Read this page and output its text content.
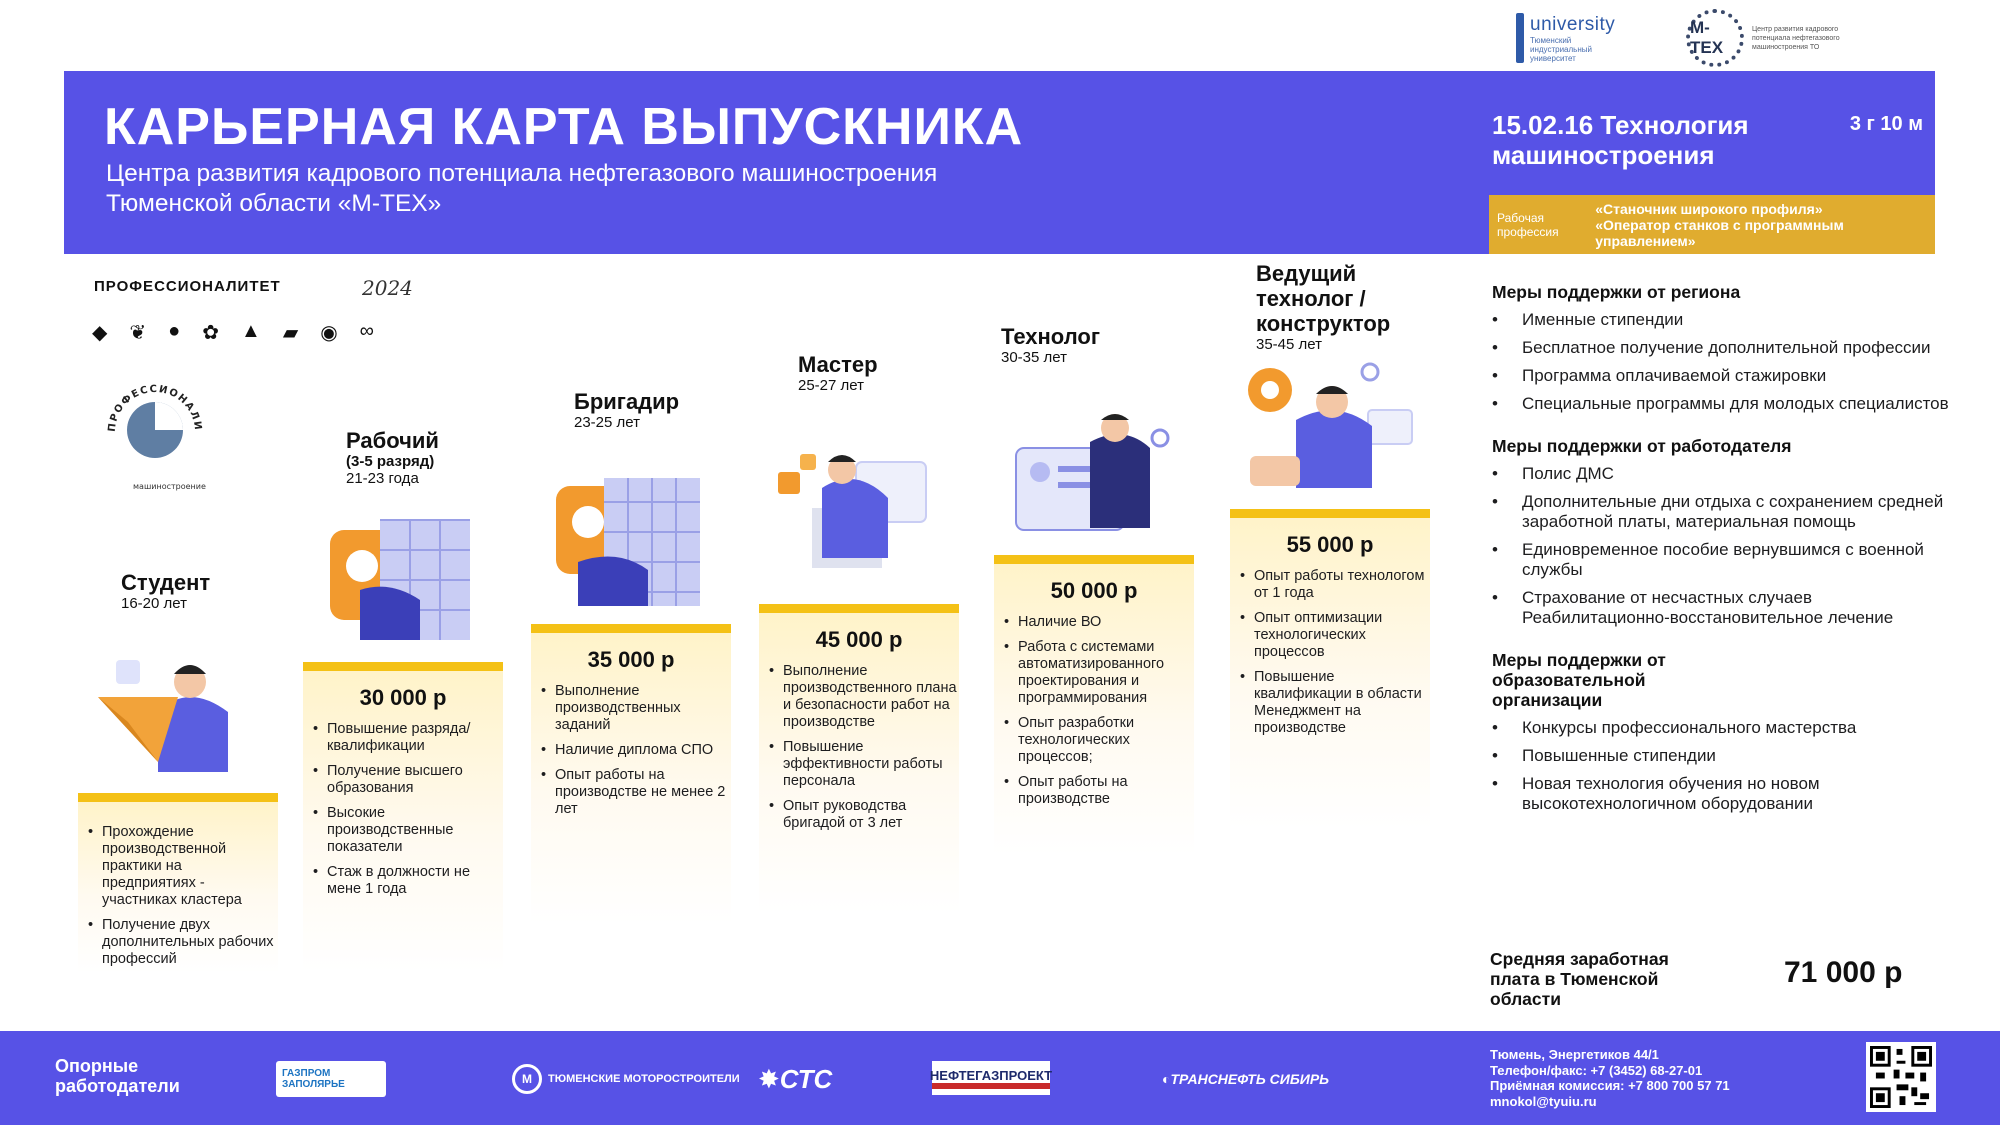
university
Тюменский индустриальный университет
М-ТЕХ
Центр развития кадрового потенциала нефтегазового машиностроения ТО
КАРЬЕРНАЯ КАРТА ВЫПУСКНИКА
Центра развития кадрового потенциала нефтегазового машиностроения
Тюменской области «М-ТЕХ»
15.02.16 Технология машиностроения
3 г 10 м
Рабочая профессия
«Станочник широкого профиля»
«Оператор станков с программным управлением»
ПРОФЕССИОНАЛИТЕТ	2024
◆ ❦ ● ✿ ▲ ▰ ◉ ∞
ПРОФЕССИОНАЛИ
машиностроение
Студент
16-20 лет
• Прохождение производственной практики на предприятиях - участниках кластера
• Получение двух дополнительных рабочих профессий
Рабочий
(3-5 разряд)
21-23 года
30 000 р
• Повышение разряда/ квалификации
• Получение высшего образования
• Высокие производственные показатели
• Стаж в должности не мене 1 года
Бригадир
23-25 лет
35 000 р
• Выполнение производственных заданий
• Наличие диплома СПО
• Опыт работы на производстве не менее 2 лет
Мастер
25-27 лет
45 000 р
• Выполнение производственного плана и безопасности работ на производстве
• Повышение эффективности работы персонала
• Опыт руководства бригадой от 3 лет
Технолог
30-35 лет
50 000 р
• Наличие ВО
• Работа с системами автоматизированного проектирования и программирования
• Опыт разработки технологических процессов;
• Опыт работы на производстве
Ведущий технолог / конструктор
35-45 лет
55 000 р
• Опыт работы технологом от 1 года
• Опыт оптимизации технологических процессов
• Повышение квалификации в области Менеджмент на производстве
Меры поддержки от региона
• Именные стипендии
• Бесплатное получение дополнительной профессии
• Программа оплачиваемой стажировки
• Специальные программы для молодых специалистов
Меры поддержки от работодателя
• Полис ДМС
• Дополнительные дни отдыха с сохранением средней заработной платы, материальная помощь
• Единовременное пособие вернувшимся с военной службы
• Страхование от несчастных случаев Реабилитационно-восстановительное лечение
Меры поддержки от образовательной организации
• Конкурсы профессионального мастерства
• Повышенные стипендии
• Новая технология обучения но новом высокотехнологичном оборудовании
Средняя заработная плата в Тюменской области
71 000 р
Опорные работодатели
ГАЗПРОМ ЗАПОЛЯРЬЕ	M	ТЮМЕНСКИЕ МОТОРОСТРОИТЕЛИ ✸ СТС	НЕФТЕГАЗПРОЕКТ	◐ ТРАНСНЕФТЬ СИБИРЬ
Тюмень, Энергетиков 44/1
Телефон/факс: +7 (3452) 68-27-01
Приёмная комиссия: +7 800 700 57 71
mnokol@tyuiu.ru
